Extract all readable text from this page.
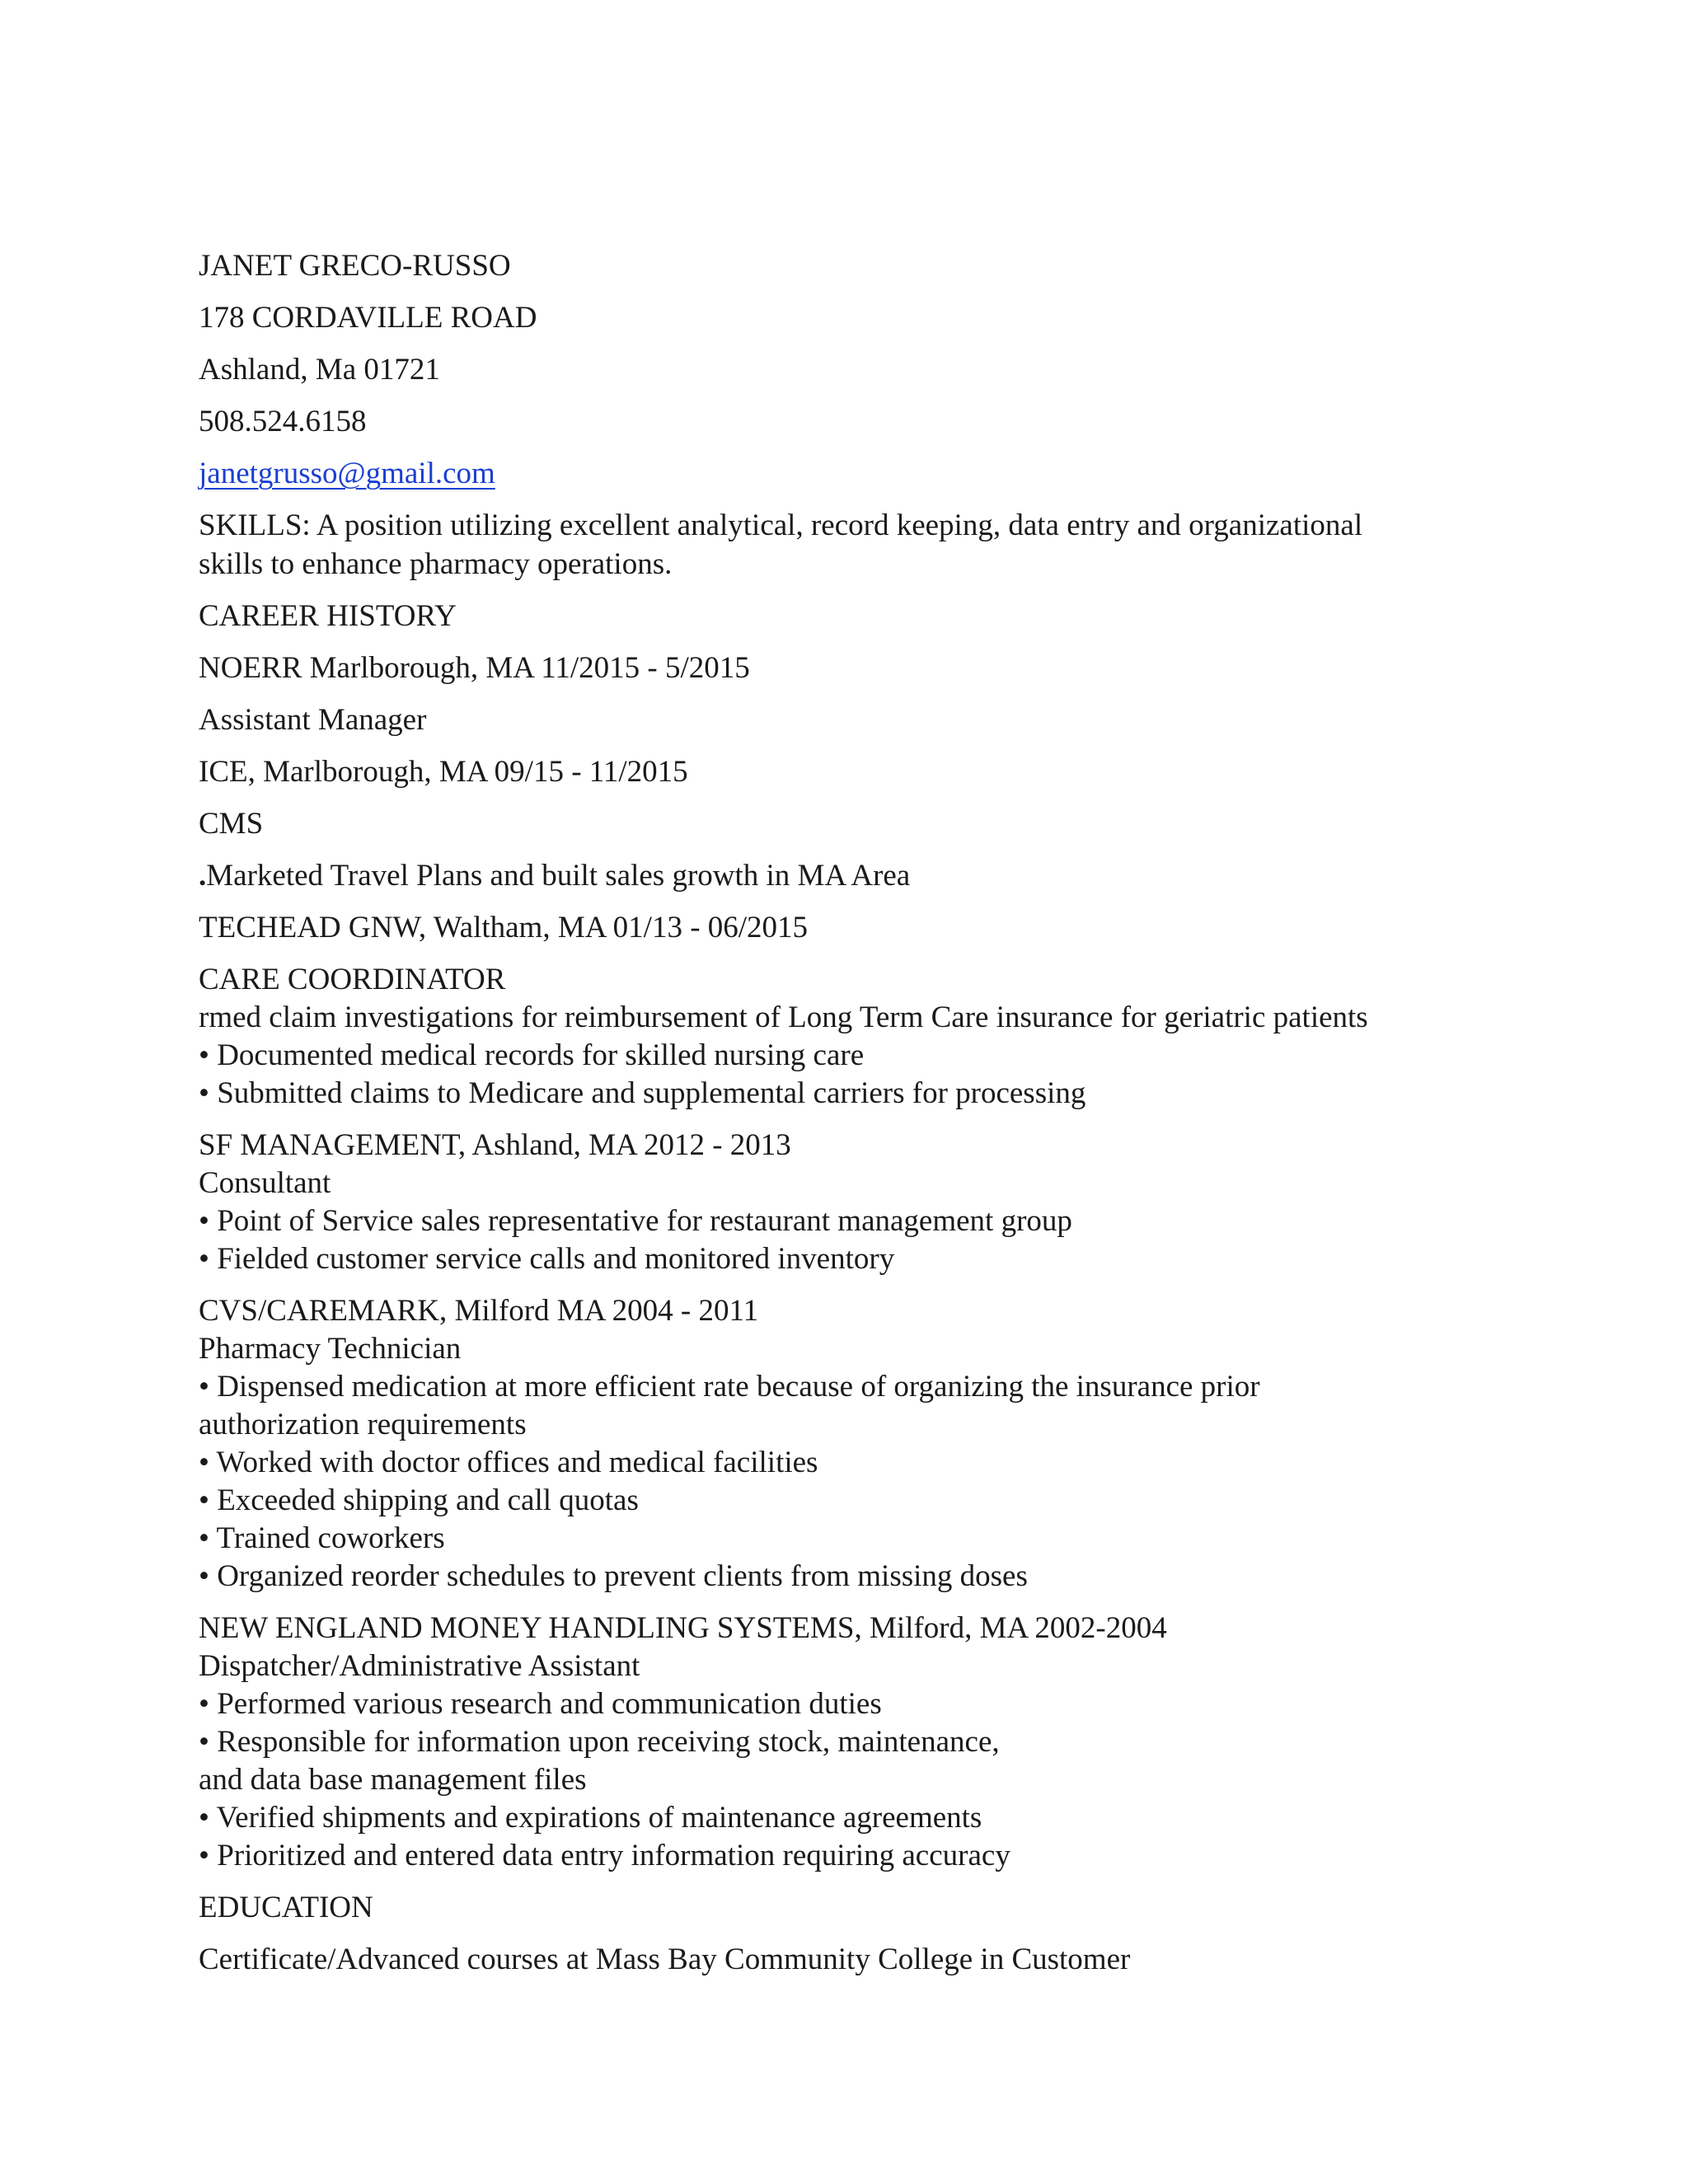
JANET GRECO-RUSSO
178 CORDAVILLE ROAD
Ashland, Ma 01721
508.524.6158
janetgrusso@gmail.com
SKILLS: A position utilizing excellent analytical, record keeping, data entry and organizational
skills to enhance pharmacy operations.
CAREER HISTORY
NOERR Marlborough, MA 11/2015 - 5/2015
Assistant Manager
ICE, Marlborough, MA 09/15 - 11/2015
CMS
.Marketed Travel Plans and built sales growth in MA Area
TECHEAD GNW, Waltham, MA 01/13 - 06/2015
CARE COORDINATOR
rmed claim investigations for reimbursement of Long Term Care insurance for geriatric patients
• Documented medical records for skilled nursing care
• Submitted claims to Medicare and supplemental carriers for processing
SF MANAGEMENT, Ashland, MA 2012 - 2013
Consultant
• Point of Service sales representative for restaurant management group
• Fielded customer service calls and monitored inventory
CVS/CAREMARK, Milford MA 2004 - 2011
Pharmacy Technician
• Dispensed medication at more efficient rate because of organizing the insurance prior
authorization requirements
• Worked with doctor offices and medical facilities
• Exceeded shipping and call quotas
• Trained coworkers
• Organized reorder schedules to prevent clients from missing doses
NEW ENGLAND MONEY HANDLING SYSTEMS, Milford, MA 2002-2004
Dispatcher/Administrative Assistant
• Performed various research and communication duties
• Responsible for information upon receiving stock, maintenance,
and data base management files
• Verified shipments and expirations of maintenance agreements
• Prioritized and entered data entry information requiring accuracy
EDUCATION
Certificate/Advanced courses at Mass Bay Community College in Customer
